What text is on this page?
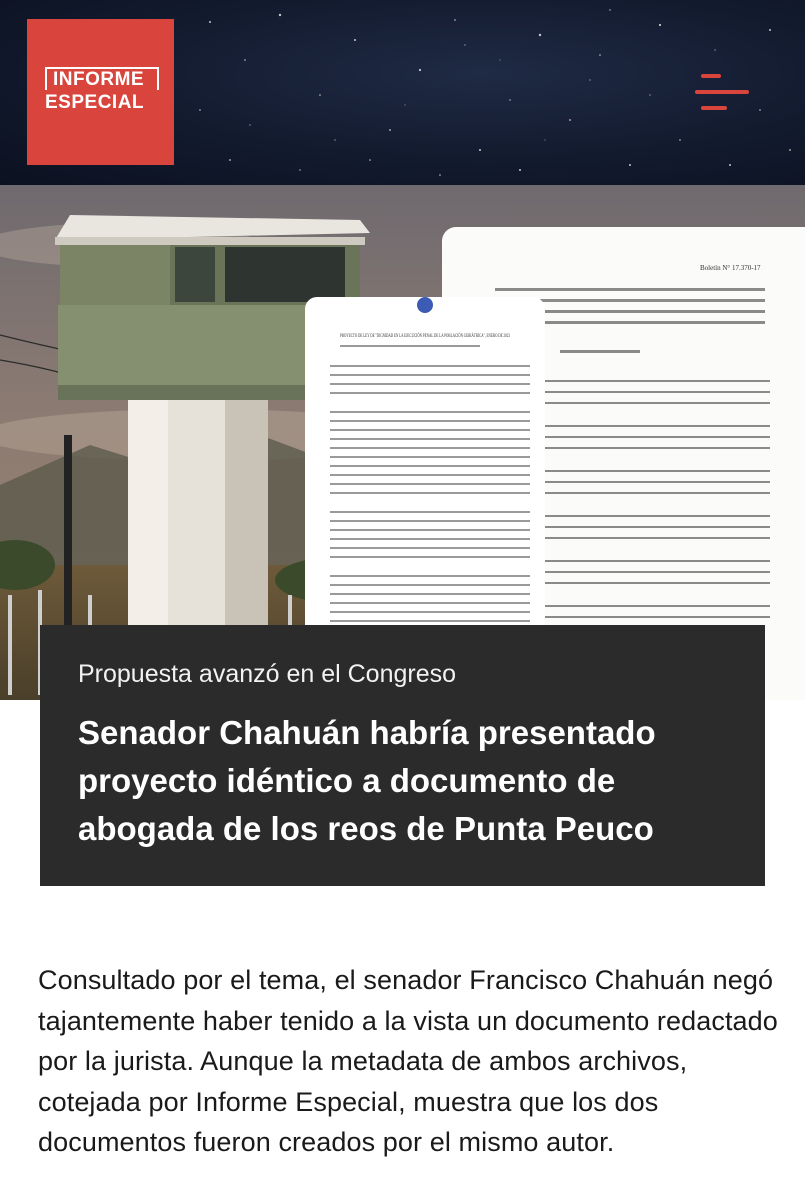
INFORME
ESPECIAL
Boletín N° 17.370-17
PROYECTO DE LEY DE "DIGNIDAD EN LA EJECUCIÓN PENAL DE LA POBLACIÓN GERIÁTRICA", ENERO DE 2023
Propuesta avanzó en el Congreso
Senador Chahuán habría presentado proyecto idéntico a documento de abogada de los reos de Punta Peuco

Consultado por el tema, el senador Francisco Chahuán negó tajantemente haber tenido a la vista un documento redactado por la jurista. Aunque la metadata de ambos archivos, cotejada por Informe Especial, muestra que los dos documentos fueron creados por el mismo autor.
